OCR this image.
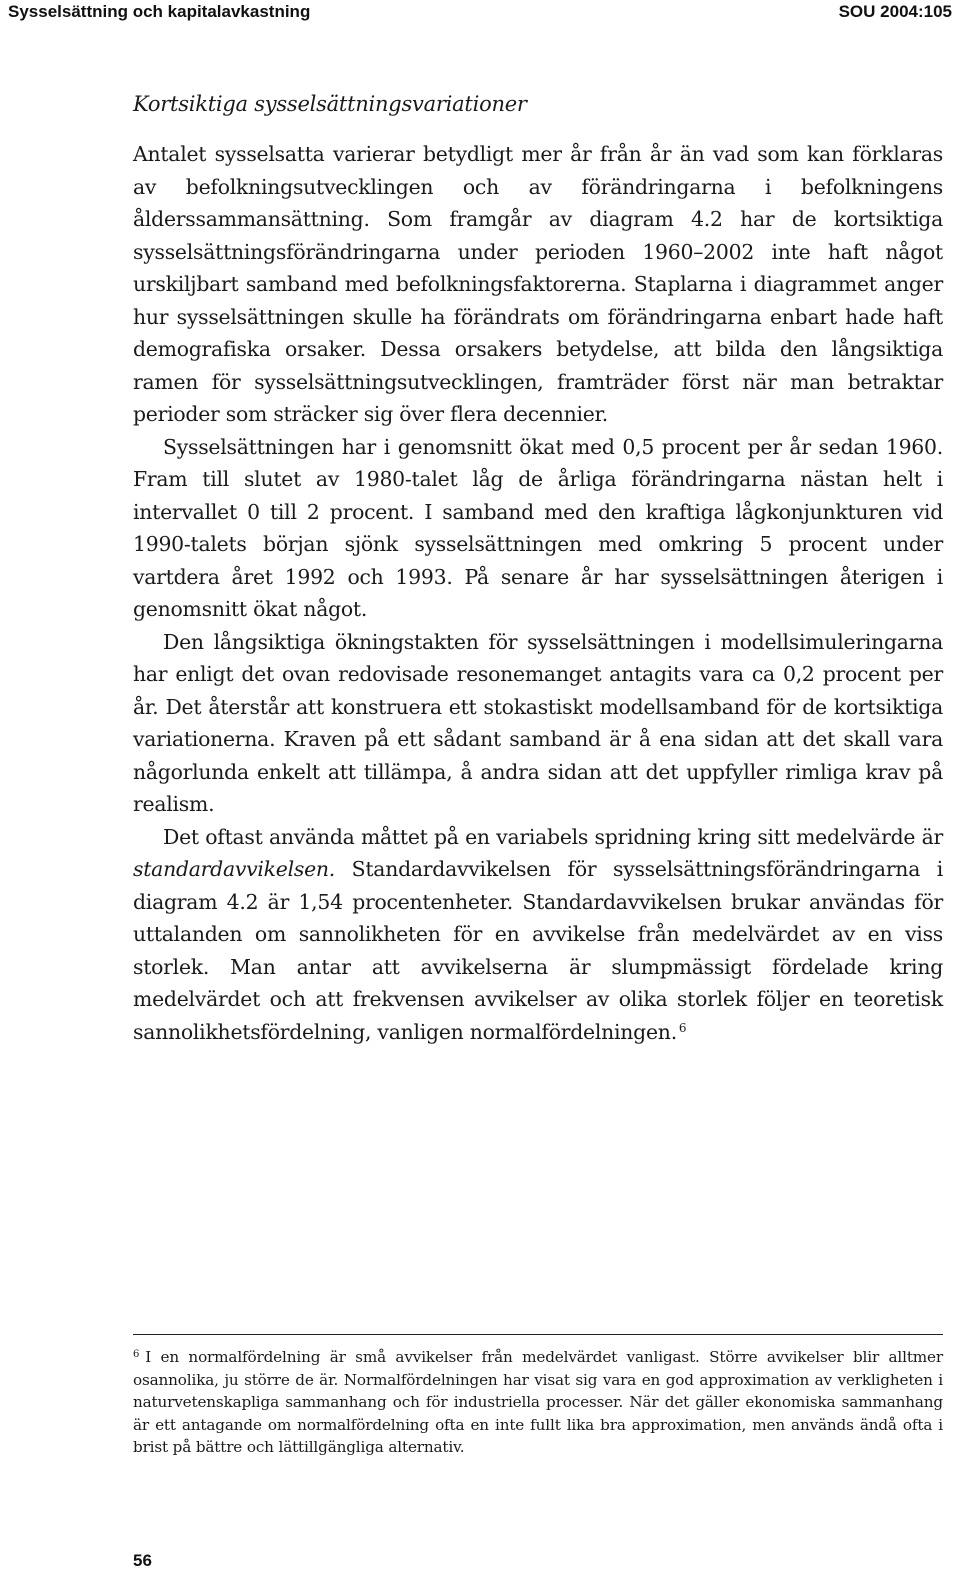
Sysselsättning och kapitalavkastning	SOU 2004:105
Kortsiktiga sysselsättningsvariationer

Antalet sysselsatta varierar betydligt mer år från år än vad som kan förklaras av befolkningsutvecklingen och av förändringarna i befolkningens ålderssammansättning. Som framgår av diagram 4.2 har de kortsiktiga sysselsättningsförändringarna under perioden 1960–2002 inte haft något urskiljbart samband med befolkningsfaktorerna. Staplarna i diagrammet anger hur sysselsättningen skulle ha förändrats om förändringarna enbart hade haft demografiska orsaker. Dessa orsakers betydelse, att bilda den långsiktiga ramen för sysselsättningsutvecklingen, framträder först när man betraktar perioder som sträcker sig över flera decennier.

Sysselsättningen har i genomsnitt ökat med 0,5 procent per år sedan 1960. Fram till slutet av 1980-talet låg de årliga förändringarna nästan helt i intervallet 0 till 2 procent. I samband med den kraftiga lågkonjunkturen vid 1990-talets början sjönk sysselsättningen med omkring 5 procent under vartdera året 1992 och 1993. På senare år har sysselsättningen återigen i genomsnitt ökat något.

Den långsiktiga ökningstakten för sysselsättningen i modellsimuleringarna har enligt det ovan redovisade resonemanget antagits vara ca 0,2 procent per år. Det återstår att konstruera ett stokastiskt modellsamband för de kortsiktiga variationerna. Kraven på ett sådant samband är å ena sidan att det skall vara någorlunda enkelt att tillämpa, å andra sidan att det uppfyller rimliga krav på realism.

Det oftast använda måttet på en variabels spridning kring sitt medelvärde är standardavvikelsen. Standardavvikelsen för sysselsättningsförändringarna i diagram 4.2 är 1,54 procentenheter. Standardavvikelsen brukar användas för uttalanden om sannolikheten för en avvikelse från medelvärdet av en viss storlek. Man antar att avvikelserna är slumpmässigt fördelade kring medelvärdet och att frekvensen avvikelser av olika storlek följer en teoretisk sannolikhetsfördelning, vanligen normalfördelningen. $^6$

$^6$ I en normalfördelning är små avvikelser från medelvärdet vanligast. Större avvikelser blir alltmer osannolika, ju större de är. Normalfördelningen har visat sig vara en god approximation av verkligheten i naturvetenskapliga sammanhang och för industriella processer. När det gäller ekonomiska sammanhang är ett antagande om normalfördelning ofta en inte fullt lika bra approximation, men används ändå ofta i brist på bättre och lättillgängliga alternativ.

56
